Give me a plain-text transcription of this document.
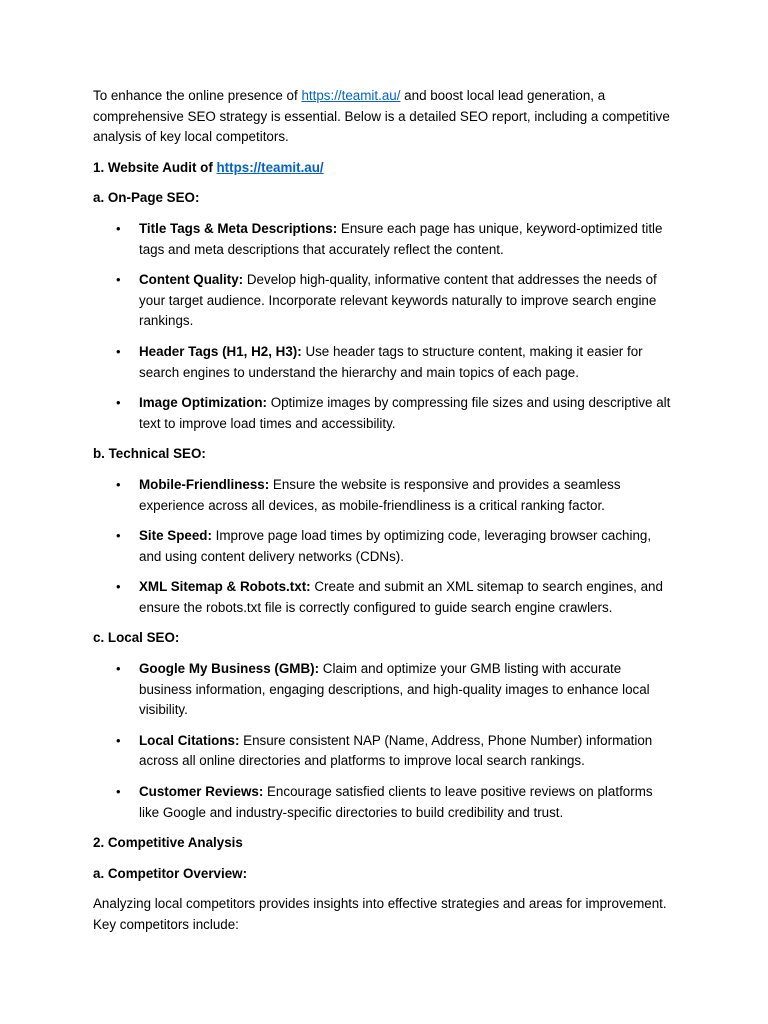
To enhance the online presence of https://teamit.au/ and boost local lead generation, a comprehensive SEO strategy is essential. Below is a detailed SEO report, including a competitive analysis of key local competitors.

1. Website Audit of https://teamit.au/

a. On-Page SEO:

• Title Tags & Meta Descriptions: Ensure each page has unique, keyword-optimized title tags and meta descriptions that accurately reflect the content.
• Content Quality: Develop high-quality, informative content that addresses the needs of your target audience. Incorporate relevant keywords naturally to improve search engine rankings.
• Header Tags (H1, H2, H3): Use header tags to structure content, making it easier for search engines to understand the hierarchy and main topics of each page.
• Image Optimization: Optimize images by compressing file sizes and using descriptive alt text to improve load times and accessibility.

b. Technical SEO:

• Mobile-Friendliness: Ensure the website is responsive and provides a seamless experience across all devices, as mobile-friendliness is a critical ranking factor.
• Site Speed: Improve page load times by optimizing code, leveraging browser caching, and using content delivery networks (CDNs).
• XML Sitemap & Robots.txt: Create and submit an XML sitemap to search engines, and ensure the robots.txt file is correctly configured to guide search engine crawlers.

c. Local SEO:

• Google My Business (GMB): Claim and optimize your GMB listing with accurate business information, engaging descriptions, and high-quality images to enhance local visibility.
• Local Citations: Ensure consistent NAP (Name, Address, Phone Number) information across all online directories and platforms to improve local search rankings.
• Customer Reviews: Encourage satisfied clients to leave positive reviews on platforms like Google and industry-specific directories to build credibility and trust.

2. Competitive Analysis

a. Competitor Overview:

Analyzing local competitors provides insights into effective strategies and areas for improvement. Key competitors include:
